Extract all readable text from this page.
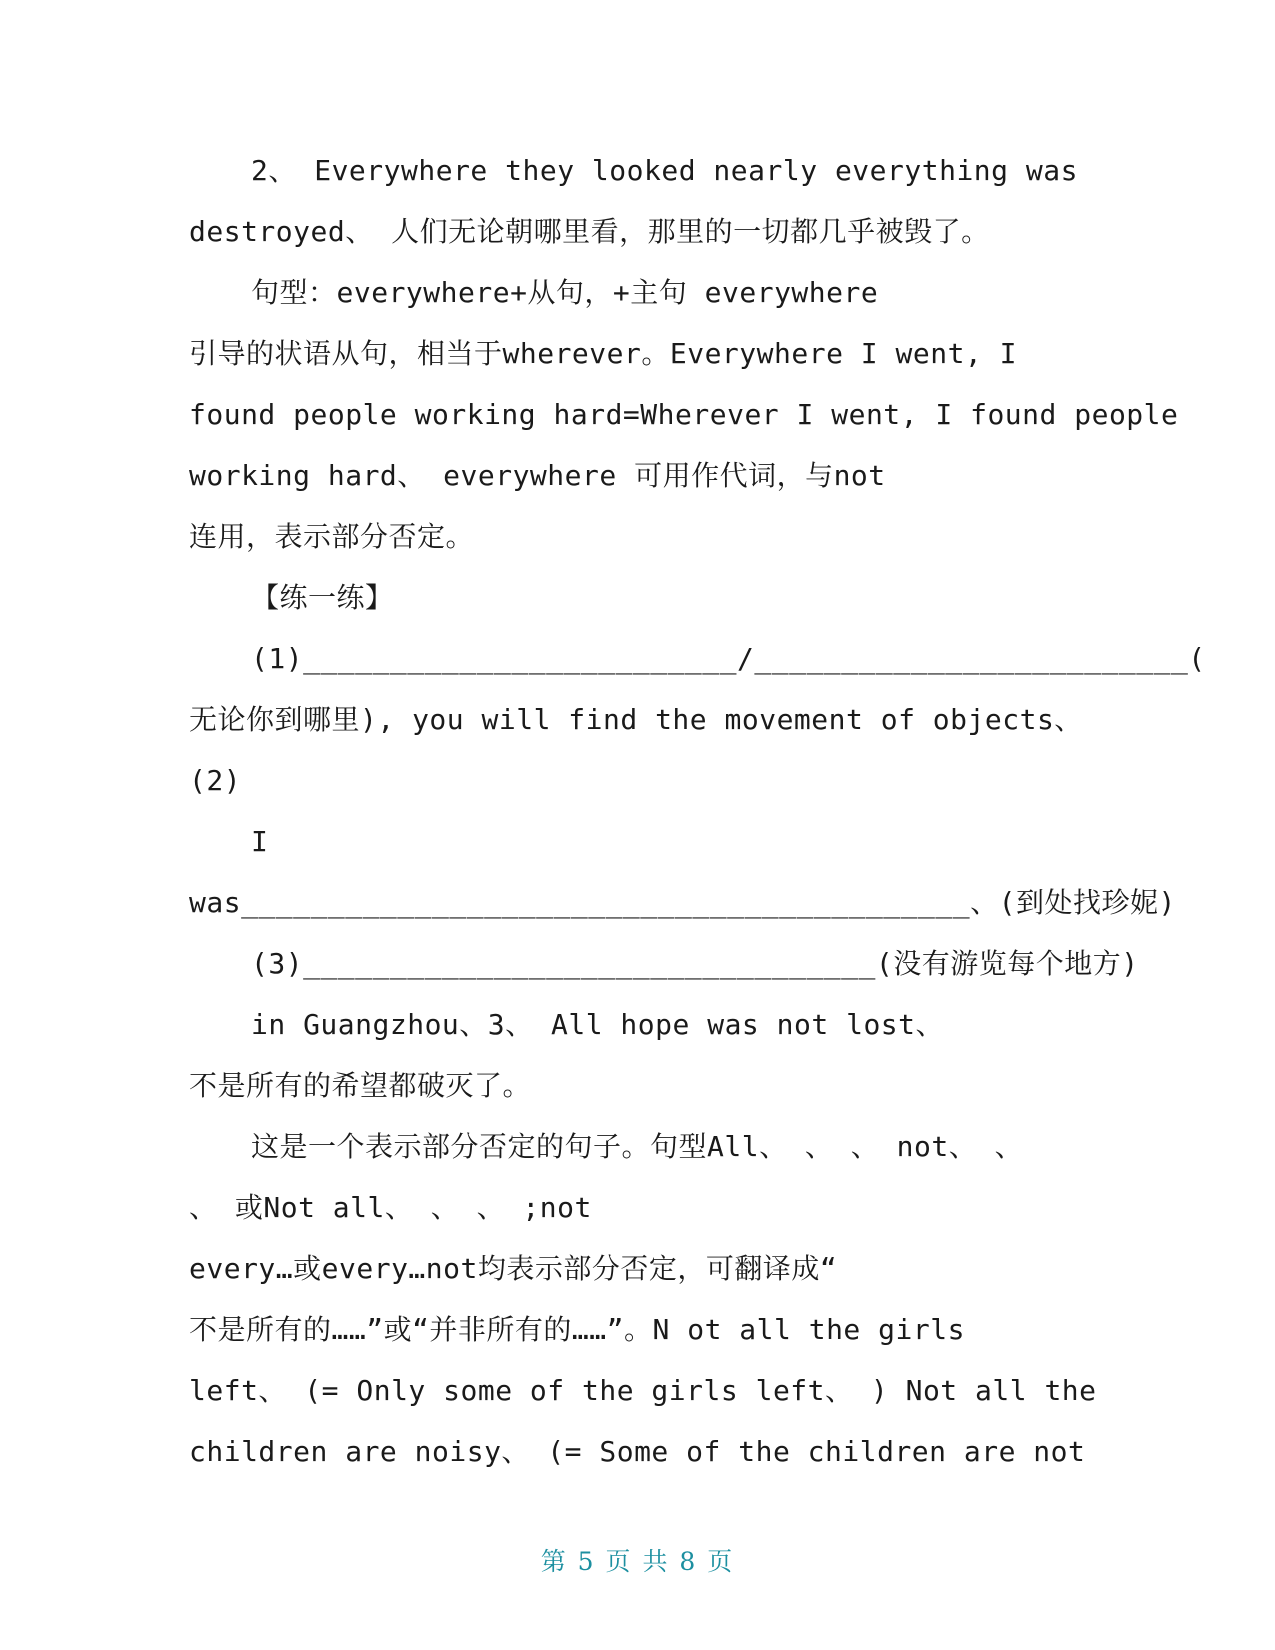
2、 Everywhere they looked nearly everything was
destroyed、 人们无论朝哪里看，那里的一切都几乎被毁了。
句型：everywhere+从句，+主句 everywhere
引导的状语从句，相当于wherever。Everywhere I went, I
found people working hard=Wherever I went, I found people
working hard、 everywhere 可用作代词，与not
连用，表示部分否定。
【练一练】
(1)_________________________/_________________________(
无论你到哪里), you will find the movement of objects、
(2)
I
was__________________________________________、(到处找珍妮)
(3)_________________________________(没有游览每个地方)
in Guangzhou、3、 All hope was not lost、
不是所有的希望都破灭了。
这是一个表示部分否定的句子。句型All、 、 、 not、 、
、 或Not all、 、 、 ;not
every…或every…not均表示部分否定，可翻译成“
不是所有的……”或“并非所有的……”。N ot all the girls
left、 (= Only some of the girls left、 ) Not all the
children are noisy、 (= Some of the children are not
第 5 页 共 8 页
